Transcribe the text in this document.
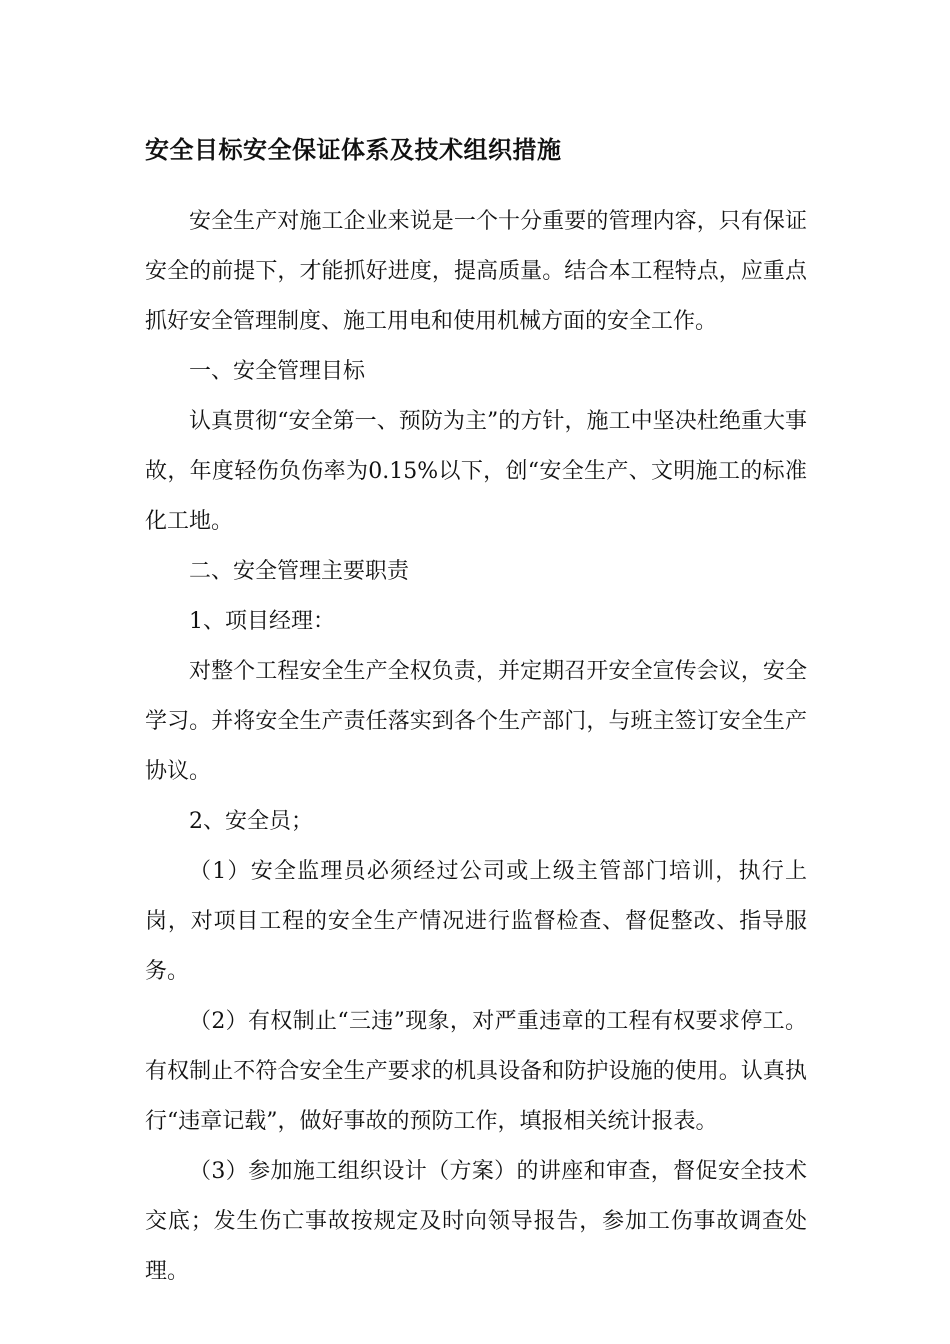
安全目标安全保证体系及技术组织措施

安全生产对施工企业来说是一个十分重要的管理内容，只有保证安全的前提下，才能抓好进度，提高质量。结合本工程特点，应重点抓好安全管理制度、施工用电和使用机械方面的安全工作。

一、安全管理目标

认真贯彻“安全第一、预防为主”的方针，施工中坚决杜绝重大事故，年度轻伤负伤率为0.15%以下，创“安全生产、文明施工的标准化工地。

二、安全管理主要职责

1、项目经理：

对整个工程安全生产全权负责，并定期召开安全宣传会议，安全学习。并将安全生产责任落实到各个生产部门，与班主签订安全生产协议。

2、安全员；

（1）安全监理员必须经过公司或上级主管部门培训，执行上岗，对项目工程的安全生产情况进行监督检查、督促整改、指导服务。

（2）有权制止“三违”现象，对严重违章的工程有权要求停工。有权制止不符合安全生产要求的机具设备和防护设施的使用。认真执行“违章记载”，做好事故的预防工作，填报相关统计报表。

（3）参加施工组织设计（方案）的讲座和审查，督促安全技术交底；发生伤亡事故按规定及时向领导报告，参加工伤事故调查处理。
